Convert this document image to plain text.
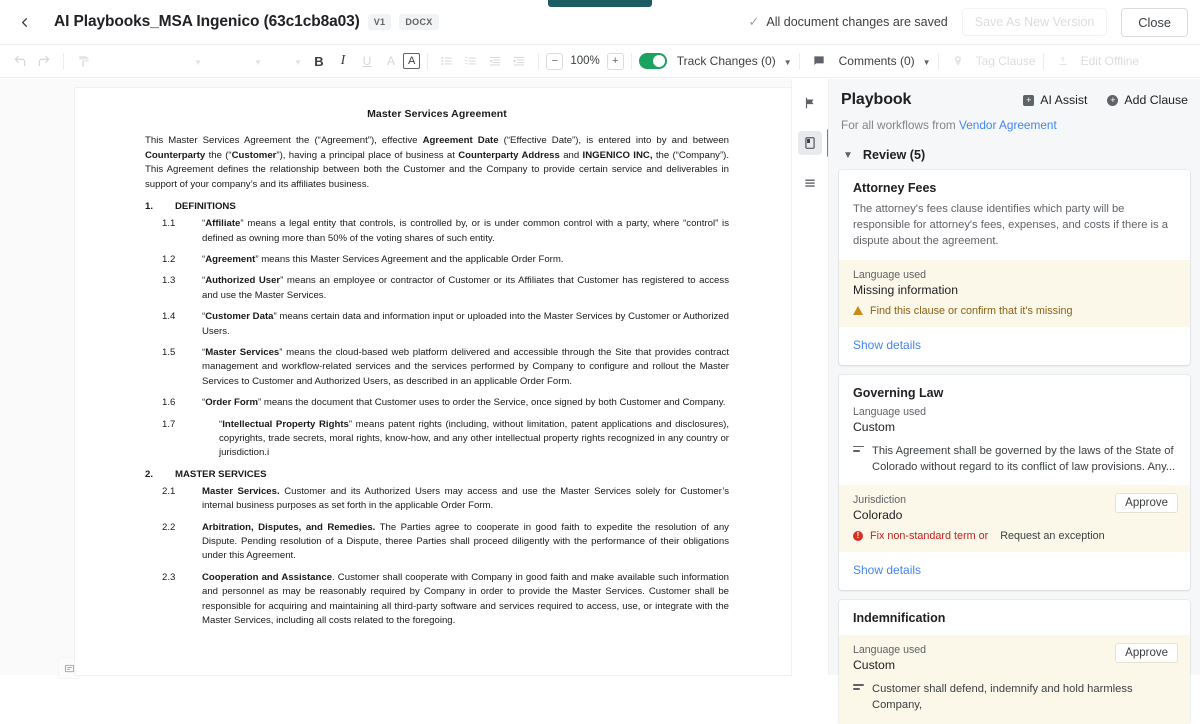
AI Playbooks_MSA Ingenico (63c1cb8a03)	V1	DOCX	✓ All document changes are saved	Save As New Version	Close
▼	▼	▼ B	I	U	A	A	−	100%	+	Track Changes (0) ▼	Comments (0) ▼	Tag Clause	Edit Offline
Master Services Agreement
This Master Services Agreement the (“Agreement”), effective Agreement Date (“Effective Date”), is entered into by and between Counterparty the (“Customer”), having a principal place of business at Counterparty Address and INGENICO INC, the (“Company”). This Agreement defines the relationship between both the Customer and the Company to provide certain service and deliverables in support of your company’s and its affiliates business.
1.	DEFINITIONS
1.1	“Affiliate” means a legal entity that controls, is controlled by, or is under common control with a party, where “control” is defined as owning more than 50% of the voting shares of such entity.
1.2	“Agreement” means this Master Services Agreement and the applicable Order Form.
1.3	“Authorized User” means an employee or contractor of Customer or its Affiliates that Customer has registered to access and use the Master Services.
1.4	“Customer Data” means certain data and information input or uploaded into the Master Services by Customer or Authorized Users.
1.5	“Master Services” means the cloud-based web platform delivered and accessible through the Site that provides contract management and workflow-related services and the services performed by Company to configure and rollout the Master Services to Customer and Authorized Users, as described in an applicable Order Form.
1.6	“Order Form” means the document that Customer uses to order the Service, once signed by both Customer and Company.
1.7	“Intellectual Property Rights” means patent rights (including, without limitation, patent applications and disclosures), copyrights, trade secrets, moral rights, know-how, and any other intellectual property rights recognized in any country or jurisdiction.i
2.	MASTER SERVICES
2.1	Master Services. Customer and its Authorized Users may access and use the Master Services solely for Customer’s internal business purposes as set forth in the applicable Order Form.
2.2	Arbitration, Disputes, and Remedies. The Parties agree to cooperate in good faith to expedite the resolution of any Dispute. Pending resolution of a Dispute, theree Parties shall proceed diligently with the performance of their obligations under this Agreement.
2.3	Cooperation and Assistance. Customer shall cooperate with Company in good faith and make available such information and personnel as may be reasonably required by Company in order to provide the Master Services. Customer shall be responsible for acquiring and maintaining all third-party software and services required to access, use, or integrate with the Master Services, including all costs related to the foregoing.
Playbook	+ AI Assist	+ Add Clause
For all workflows from Vendor Agreement
▼ Review (5)
Attorney Fees
The attorney's fees clause identifies which party will be responsible for attorney's fees, expenses, and costs if there is a dispute about the agreement.
Language used
Missing information
Find this clause or confirm that it's missing
Show details
Governing Law
Language used
Custom
This Agreement shall be governed by the laws of the State of Colorado without regard to its conflict of law provisions. Any...
Approve
Jurisdiction
Colorado
! Fix non-standard term or Request an exception
Show details
Indemnification
Approve
Language used
Custom
Customer shall defend, indemnify and hold harmless Company,
